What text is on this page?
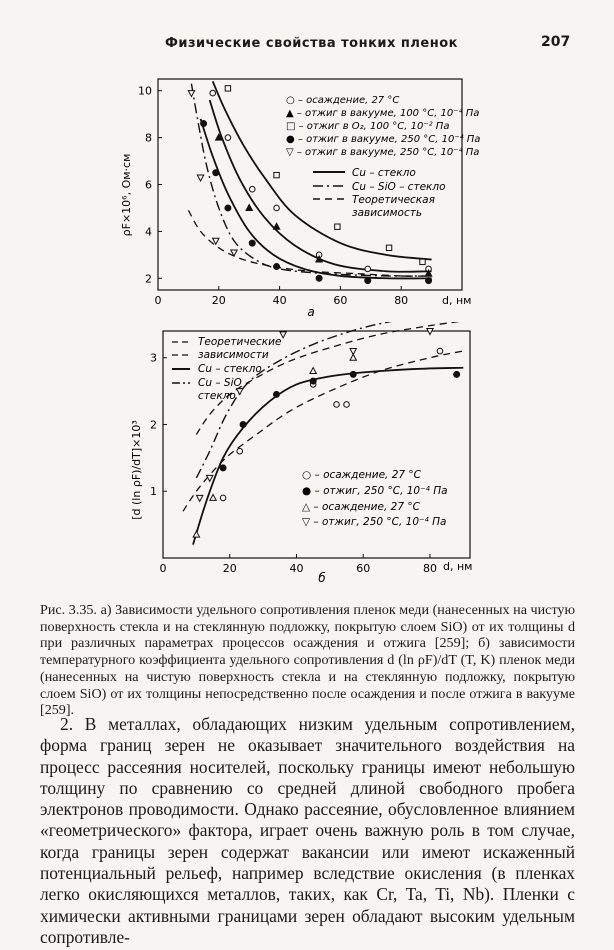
Физические свойства тонких пленок	207
0	20	40	60	80
2
4
6
8
10
ρF×10⁶, Ом·см
d, нм
а
○ – осаждение, 27 °C
▲ – отжиг в вакууме, 100 °C, 10⁻⁴ Па
□ – отжиг в O₂, 100 °C, 10⁻² Па
● – отжиг в вакууме, 250 °C, 10⁻⁴ Па
▽ – отжиг в вакууме, 250 °C, 10⁻⁴ Па
Cu – стекло
Cu – SiO – стекло
Теоретическая
зависимость
0	20	40	60	80
1
2
3
[d (ln ρF)/dT]×10³
d, нм
б
Теоретические
зависимости
Cu – стекло
Cu – SiO –
стекло
○ – осаждение, 27 °C
● – отжиг, 250 °C, 10⁻⁴ Па
△ – осаждение, 27 °C
▽ – отжиг, 250 °C, 10⁻⁴ Па
Рис. 3.35. а) Зависимости удельного сопротивления пленок меди (нанесенных на чистую поверхность стекла и на стеклянную подложку, покрытую слоем SiO) от их толщины d при различных параметрах процессов осаждения и отжига [259]; б) зависимости температурного коэффициента удельного сопротивления d (ln ρF)/dT (T, K) пленок меди (нанесенных на чистую поверхность стекла и на стеклянную подложку, покрытую слоем SiO) от их толщины непосредственно после осаждения и после отжига в вакууме [259].
2. В металлах, обладающих низким удельным сопротивлением, форма границ зерен не оказывает значительного воздействия на процесс рассеяния носителей, поскольку границы имеют небольшую толщину по сравнению со средней длиной свободного пробега электронов проводимости. Однако рассеяние, обусловленное влиянием «геометрического» фактора, играет очень важную роль в том случае, когда границы зерен содержат вакансии или имеют искаженный потенциальный рельеф, например вследствие окисления (в пленках легко окисляющихся металлов, таких, как Cr, Ta, Ti, Nb). Пленки с химически активными границами зерен обладают высоким удельным сопротивле-
